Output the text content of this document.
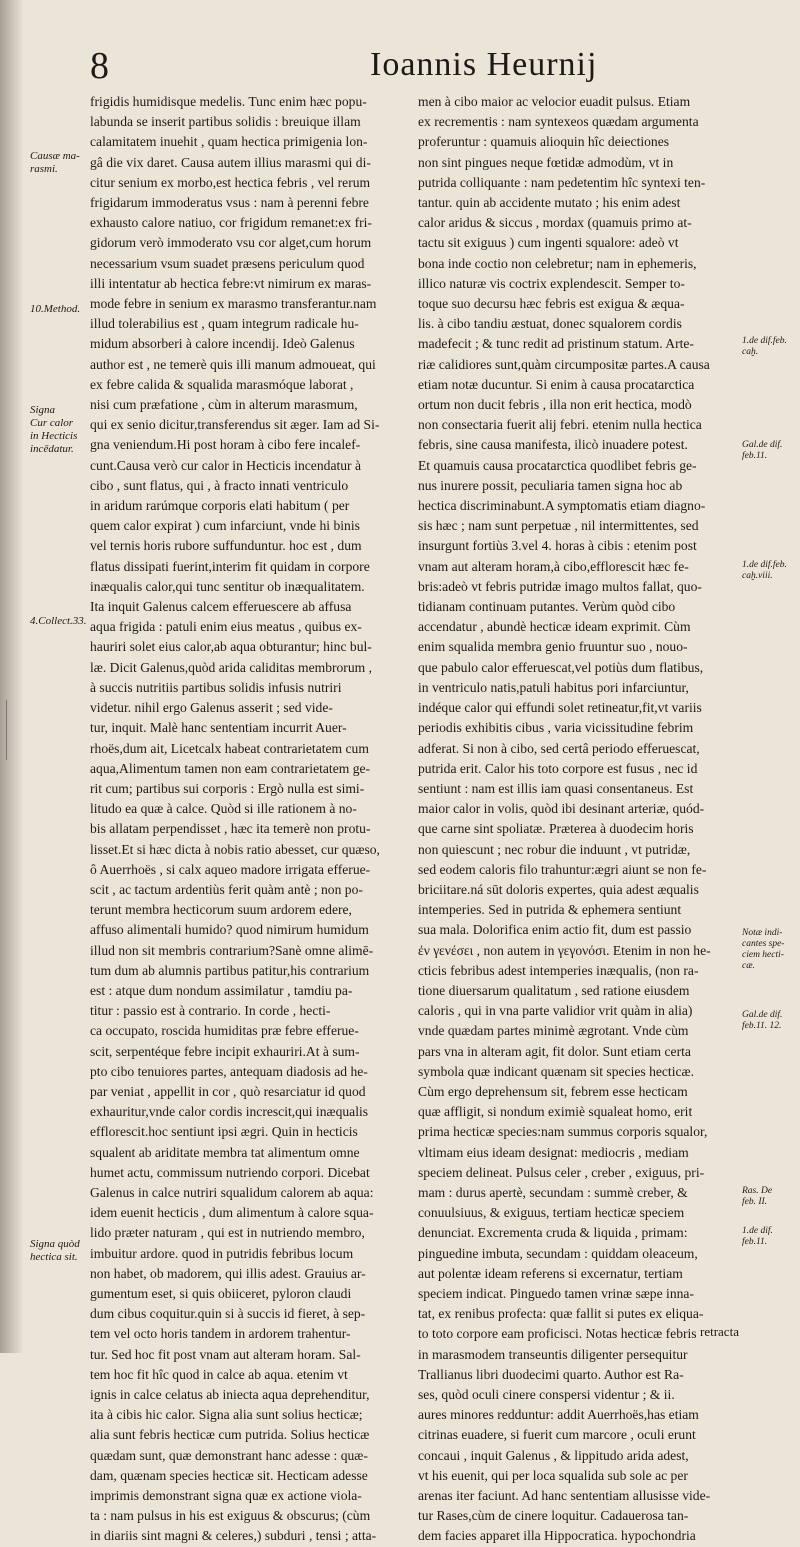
8	Ioannis Heurnij
frigidis humidisque medelis. Tunc enim hæc popu-
labunda se inserit partibus solidis : breuique illam
calamitatem inuehit , quam hectica primigenia lon-
gâ die vix daret. Causa autem illius marasmi qui di-
citur senium ex morbo,est hectica febris , vel rerum
frigidarum immoderatus vsus : nam à perenni febre
exhausto calore natiuo, cor frigidum remanet:ex fri-
gidorum verò immoderato vsu cor alget,cum horum
necessarium vsum suadet præsens periculum quod
illi intentatur ab hectica febre:vt nimirum ex maras-
mode febre in senium ex marasmo transferantur.nam
illud tolerabilius est , quam integrum radicale hu-
midum absorberi à calore incendij. Ideò Galenus
author est , ne temerè quis illi manum admoueat, qui
ex febre calida & squalida marasmóque laborat ,
nisi cum præfatione , cùm in alterum marasmum,
qui ex senio dicitur,transferendus sit æger. Iam ad Si-
gna veniendum.Hi post horam à cibo fere incalef-
cunt.Causa verò cur calor in Hecticis incendatur à
cibo , sunt flatus, qui , à fracto innati ventriculo
in aridum rarúmque corporis elati habitum ( per
quem calor expirat ) cum infarciunt, vnde hi binis
vel ternis horis rubore suffunduntur. hoc est , dum
flatus dissipati fuerint,interim fit quidam in corpore
inæqualis calor,qui tunc sentitur ob inæqualitatem.
Ita inquit Galenus calcem efferuescere ab affusa
aqua frigida : patuli enim eius meatus , quibus ex-
hauriri solet eius calor,ab aqua obturantur; hinc bul-
læ. Dicit Galenus,quòd arida caliditas membrorum ,
à succis nutritiis partibus solidis infusis nutriri
videtur. nihil ergo Galenus asserit ; sed vide-
tur, inquit. Malè hanc sententiam incurrit Auer-
rhoës,dum ait, Licetcalx habeat contrarietatem cum
aqua,Alimentum tamen non eam contrarietatem ge-
rit cum; partibus sui corporis : Ergò nulla est simi-
litudo ea quæ à calce. Quòd si ille rationem à no-
bis allatam perpendisset , hæc ita temerè non protu-
lisset.Et si hæc dicta à nobis ratio abesset, cur quæso,
ô Auerrhoës , si calx aqueo madore irrigata efferue-
scit , ac tactum ardentiùs ferit quàm antè ; non po-
terunt membra hecticorum suum ardorem edere,
affuso alimentali humido? quod nimirum humidum
illud non sit membris contrarium?Sanè omne alimē-
tum dum ab alumnis partibus patitur,his contrarium
est : atque dum nondum assimilatur , tamdiu pa-
titur : passio est à contrario. In corde , hecti-
ca occupato, roscida humiditas præ febre efferue-
scit, serpentéque febre incipit exhauriri.At à sum-
pto cibo tenuiores partes, antequam diadosis ad he-
par veniat , appellit in cor , quò resarciatur id quod
exhauritur,vnde calor cordis increscit,qui inæqualis
efflorescit.hoc sentiunt ipsi ægri. Quin in hecticis
squalent ab ariditate membra tat alimentum omne
humet actu, commissum nutriendo corpori. Dicebat
Galenus in calce nutriri squalidum calorem ab aqua:
idem euenit hecticis , dum alimentum à calore squa-
lido præter naturam , qui est in nutriendo membro,
imbuitur ardore. quod in putridis febribus locum
non habet, ob madorem, qui illis adest. Grauius ar-
gumentum eset, si quis obiiceret, pyloron claudi
dum cibus coquitur.quin si à succis id fieret, à sep-
tem vel octo horis tandem in ardorem trahentur-
tur. Sed hoc fit post vnam aut alteram horam. Sal-
tem hoc fit hîc quod in calce ab aqua. etenim vt
ignis in calce celatus ab iniecta aqua deprehenditur,
ita à cibis hic calor. Signa alia sunt solius hecticæ;
alia sunt febris hecticæ cum putrida. Solius hecticæ
quædam sunt, quæ demonstrant hanc adesse : quæ-
dam, quænam species hecticæ sit. Hecticam adesse
imprimis demonstrant signa quæ ex actione viola-
ta : nam pulsus in his est exiguus & obscurus; (cùm
in diariis sint magni & celeres,) subduri , tensi ; atta-
men à cibo maior ac velocior euadit pulsus. Etiam
ex recrementis : nam syntexeos quædam argumenta
proferuntur : quamuis alioquin hîc deiectiones
non sint pingues neque fœtidæ admodùm, vt in
putrida colliquante : nam pedetentim hîc syntexi ten-
tantur. quin ab accidente mutato ; his enim adest
calor aridus & siccus , mordax (quamuis primo at-
tactu sit exiguus ) cum ingenti squalore: adeò vt
bona inde coctio non celebretur; nam in ephemeris,
illico naturæ vis coctrix explendescit. Semper to-
toque suo decursu hæc febris est exigua & æqua-
lis. à cibo tandiu æstuat, donec squalorem cordis
madefecit ; & tunc redit ad pristinum statum. Arte-
riæ calidiores sunt,quàm circumpositæ partes.A causa
etiam notæ ducuntur. Si enim à causa procatarctica
ortum non ducit febris , illa non erit hectica, modò
non consectaria fuerit alij febri. etenim nulla hectica
febris, sine causa manifesta, ilicò inuadere potest.
Et quamuis causa procatarctica quodlibet febris ge-
nus inurere possit, peculiaria tamen signa hoc ab
hectica discriminabunt.A symptomatis etiam diagno-
sis hæc ; nam sunt perpetuæ , nil intermittentes, sed
insurgunt fortiùs 3.vel 4. horas à cibis : etenim post
vnam aut alteram horam,à cibo,efflorescit hæc fe-
bris:adeò vt febris putridæ imago multos fallat, quo-
tidianam continuam putantes. Verùm quòd cibo
accendatur , abundè hecticæ ideam exprimit. Cùm
enim squalida membra genio fruuntur suo , nouo-
que pabulo calor efferuescat,vel potiùs dum flatibus,
in ventriculo natis,patuli habitus pori infarciuntur,
indéque calor qui effundi solet retineatur,fit,vt variis
periodis exhibitis cibus , varia vicissitudine febrim
adferat. Si non à cibo, sed certâ periodo efferuescat,
putrida erit. Calor his toto corpore est fusus , nec id
sentiunt : nam est illis iam quasi consentaneus. Est
maior calor in volis, quòd ibi desinant arteriæ, quód-
que carne sint spoliatæ. Præterea à duodecim horis
non quiescunt ; nec robur die induunt , vt putridæ,
sed eodem caloris filo trahuntur:ægri aiunt se non fe-
briciitare.ná sūt doloris expertes, quia adest æqualis
intemperies. Sed in putrida & ephemera sentiunt
sua mala. Dolorifica enim actio fit, dum est passio
ἐν γενέσει , non autem in γεγονόσι. Etenim in non he-
cticis febribus adest intemperies inæqualis, (non ra-
tione diuersarum qualitatum , sed ratione eiusdem
caloris , qui in vna parte validior vrit quàm in alia)
vnde quædam partes minimè ægrotant. Vnde cùm
pars vna in alteram agit, fit dolor. Sunt etiam certa
symbola quæ indicant quænam sit species hecticæ.
Cùm ergo deprehensum sit, febrem esse hecticam
quæ affligit, si nondum eximiè squaleat homo, erit
prima hecticæ species:nam summus corporis squalor,
vltimam eius ideam designat: mediocris , mediam
speciem delineat. Pulsus celer , creber , exiguus, pri-
mam : durus apertè, secundam : summè creber, &
conuulsiuus, & exiguus, tertiam hecticæ speciem
denunciat. Excrementa cruda & liquida , primam:
pinguedine imbuta, secundam : quiddam oleaceum,
aut polentæ ideam referens si excernatur, tertiam
speciem indicat. Pinguedo tamen vrinæ sæpe inna-
tat, ex renibus profecta: quæ fallit si putes ex eliqua-
to toto corpore eam proficisci. Notas hecticæ febris
in marasmodem transeuntis diligenter persequitur
Trallianus libri duodecimi quarto. Author est Ra-
ses, quòd oculi cinere conspersi videntur ; & ii.
aures minores redduntur: addit Auerrhoës,has etiam
citrinas euadere, si fuerit cum marcore , oculi erunt
concaui , inquit Galenus , & lippitudo arida adest,
vt his euenit, qui per loca squalida sub sole ac per
arenas iter faciunt. Ad hanc sententiam allusisse vide-
tur Rases,cùm de cinere loquitur. Cadauerosa tan-
dem facies apparet illa Hippocratica. hypochondria
Causæ ma-
rasmi.
10.Method.
Signa
Cur calor
in Hecticis
incēdatur.
4.Collect.33.
Signa quòd
hectica sit.
1.de dif.feb.
caḫ.
Gal.de dif.
feb.11.
1.de dif.feb.
caḫ.viii.
Notæ indi-
cantes spe-
ciem hecti-
cæ.
Gal.de dif.
feb.11. 12.
Ras. De
feb. II.
1.de dif.
feb.11.
retracta
